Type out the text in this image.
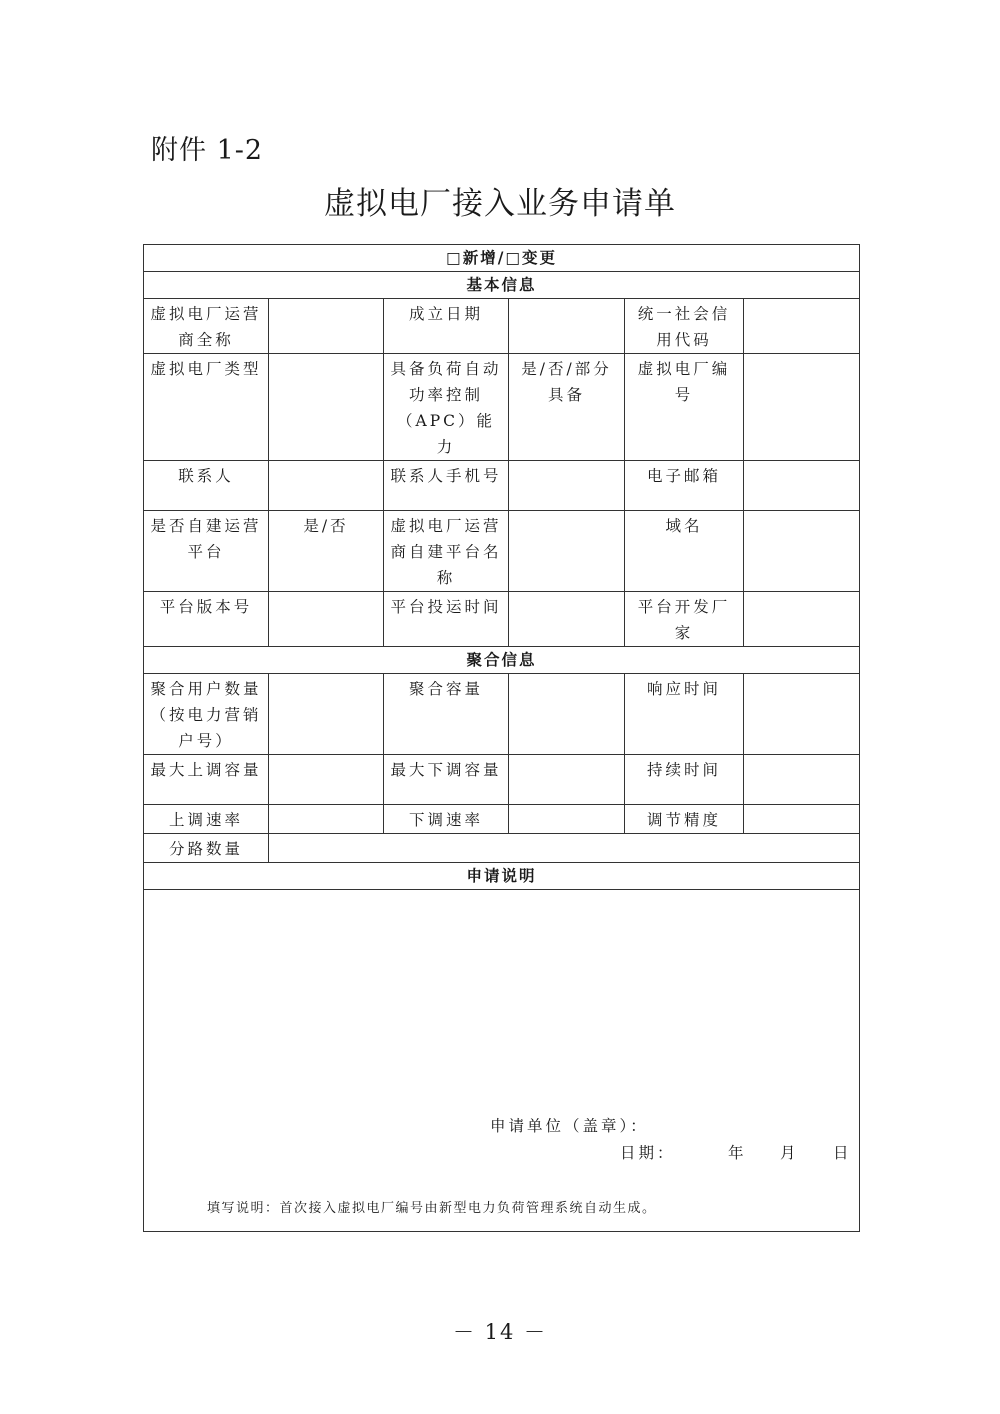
附件 1-2
虚拟电厂接入业务申请单
□新增/□变更					
基本信息					
虚拟电厂运营商全称		成立日期		统一社会信用代码	
虚拟电厂类型		具备负荷自动功率控制（APC）能力	是/否/部分具备	虚拟电厂编号	
联系人		联系人手机号		电子邮箱	
是否自建运营平台	是/否	虚拟电厂运营商自建平台名称		域名	
平台版本号		平台投运时间		平台开发厂家	
聚合信息					
聚合用户数量（按电力营销户号）		聚合容量		响应时间	
最大上调容量		最大下调容量		持续时间	
上调速率		下调速率		调节精度	
分路数量					
申请说明					

申请单位（盖章）：
日期：	年 月 日
填写说明：首次接入虚拟电厂编号由新型电力负荷管理系统自动生成。
－ 14 －
